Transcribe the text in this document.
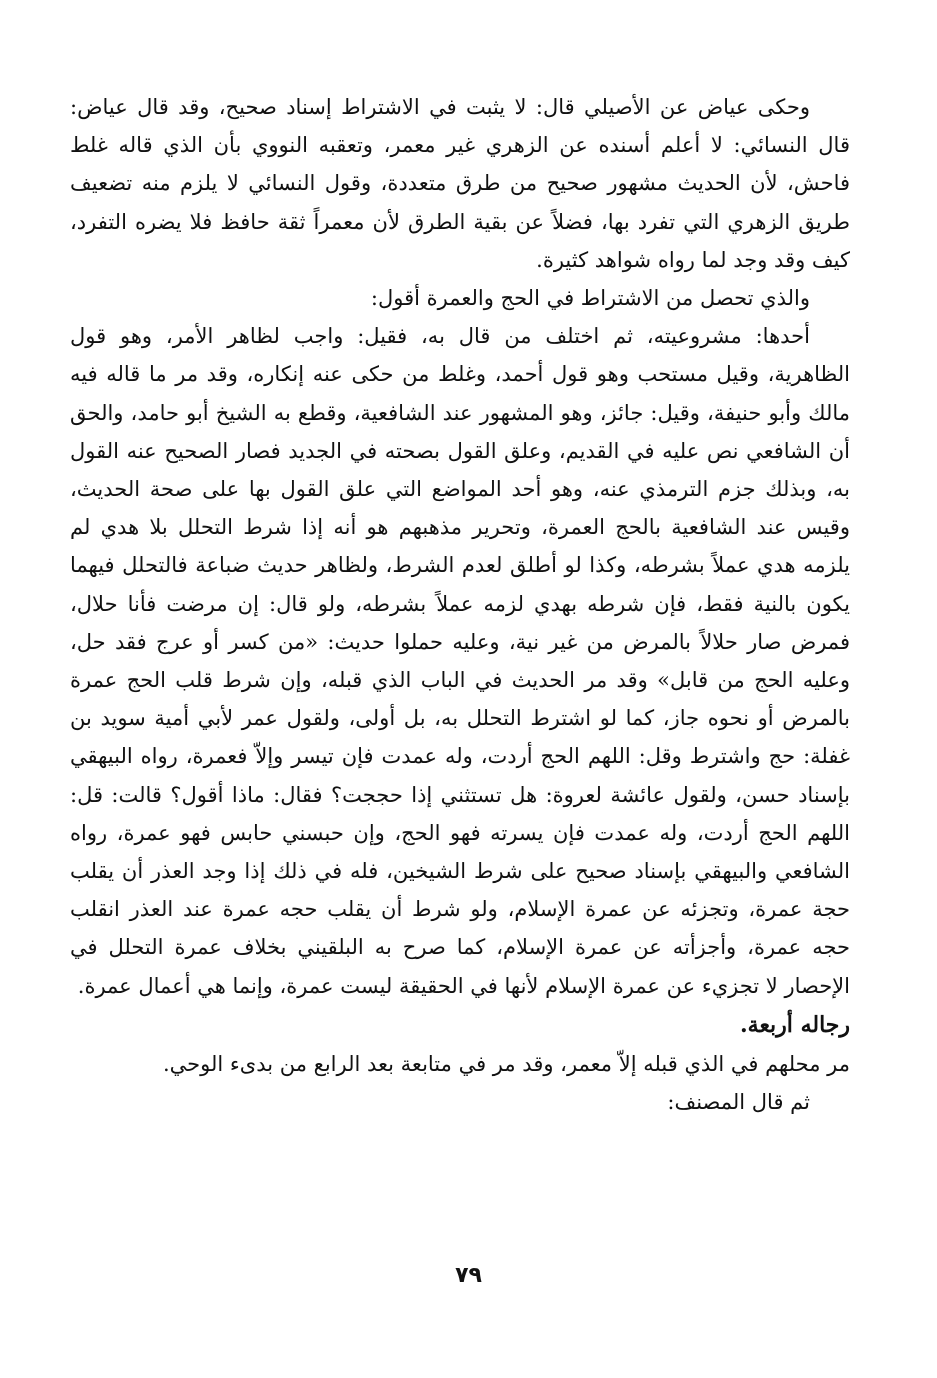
وحكى عياض عن الأصيلي قال: لا يثبت في الاشتراط إسناد صحيح، وقد قال عياض: قال النسائي: لا أعلم أسنده عن الزهري غير معمر، وتعقبه النووي بأن الذي قاله غلط فاحش، لأن الحديث مشهور صحيح من طرق متعددة، وقول النسائي لا يلزم منه تضعيف طريق الزهري التي تفرد بها، فضلاً عن بقية الطرق لأن معمراً ثقة حافظ فلا يضره التفرد، كيف وقد وجد لما رواه شواهد كثيرة.

والذي تحصل من الاشتراط في الحج والعمرة أقول:

أحدها: مشروعيته، ثم اختلف من قال به، فقيل: واجب لظاهر الأمر، وهو قول الظاهرية، وقيل مستحب وهو قول أحمد، وغلط من حكى عنه إنكاره، وقد مر ما قاله فيه مالك وأبو حنيفة، وقيل: جائز، وهو المشهور عند الشافعية، وقطع به الشيخ أبو حامد، والحق أن الشافعي نص عليه في القديم، وعلق القول بصحته في الجديد فصار الصحيح عنه القول به، وبذلك جزم الترمذي عنه، وهو أحد المواضع التي علق القول بها على صحة الحديث، وقيس عند الشافعية بالحج العمرة، وتحرير مذهبهم هو أنه إذا شرط التحلل بلا هدي لم يلزمه هدي عملاً بشرطه، وكذا لو أطلق لعدم الشرط، ولظاهر حديث ضباعة فالتحلل فيهما يكون بالنية فقط، فإن شرطه بهدي لزمه عملاً بشرطه، ولو قال: إن مرضت فأنا حلال، فمرض صار حلالاً بالمرض من غير نية، وعليه حملوا حديث: «من كسر أو عرج فقد حل، وعليه الحج من قابل» وقد مر الحديث في الباب الذي قبله، وإن شرط قلب الحج عمرة بالمرض أو نحوه جاز، كما لو اشترط التحلل به، بل أولى، ولقول عمر لأبي أمية سويد بن غفلة: حج واشترط وقل: اللهم الحج أردت، وله عمدت فإن تيسر وإلاّ فعمرة، رواه البيهقي بإسناد حسن، ولقول عائشة لعروة: هل تستثني إذا حججت؟ فقال: ماذا أقول؟ قالت: قل: اللهم الحج أردت، وله عمدت فإن يسرته فهو الحج، وإن حبسني حابس فهو عمرة، رواه الشافعي والبيهقي بإسناد صحيح على شرط الشيخين، فله في ذلك إذا وجد العذر أن يقلب حجة عمرة، وتجزئه عن عمرة الإسلام، ولو شرط أن يقلب حجه عمرة عند العذر انقلب حجه عمرة، وأجزأته عن عمرة الإسلام، كما صرح به البلقيني بخلاف عمرة التحلل في الإحصار لا تجزيء عن عمرة الإسلام لأنها في الحقيقة ليست عمرة، وإنما هي أعمال عمرة.

رجاله أربعة.

مر محلهم في الذي قبله إلاّ معمر، وقد مر في متابعة بعد الرابع من بدىء الوحي.

ثم قال المصنف:

٧٩
